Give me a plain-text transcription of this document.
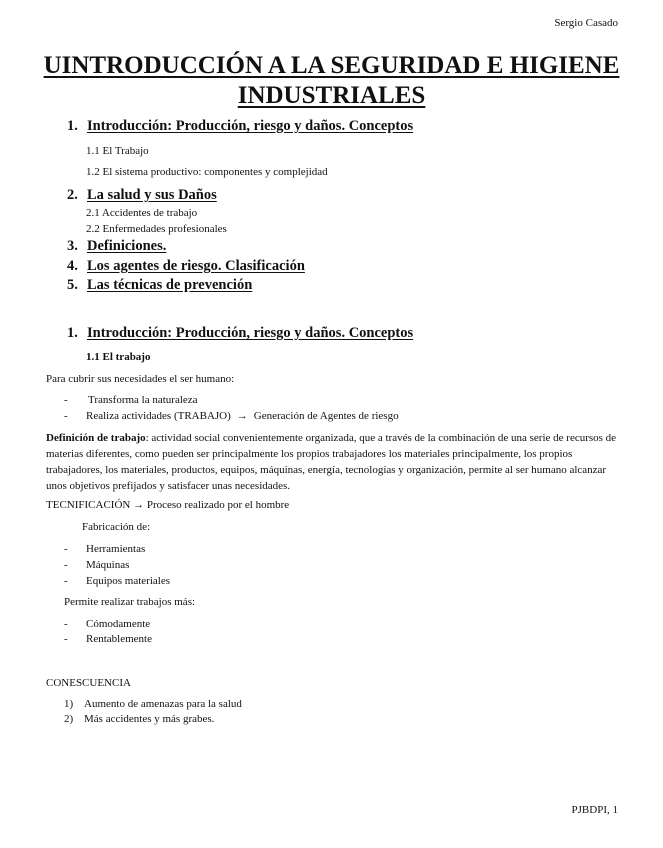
Sergio Casado
UINTRODUCCIÓN A LA SEGURIDAD E HIGIENE INDUSTRIALES
1. Introducción: Producción, riesgo y daños. Conceptos
1.1 El Trabajo
1.2 El sistema productivo: componentes y complejidad
2. La salud y sus Daños
2.1 Accidentes de trabajo
2.2 Enfermedades profesionales
3. Definiciones.
4. Los agentes de riesgo. Clasificación
5. Las técnicas de prevención
1. Introducción: Producción, riesgo y daños. Conceptos
1.1 El trabajo
Para cubrir sus necesidades el ser humano:
- Transforma la naturaleza
- Realiza actividades (TRABAJO) → Generación de Agentes de riesgo
Definición de trabajo: actividad social convenientemente organizada, que a través de la combinación de una serie de recursos de materias diferentes, como pueden ser principalmente los propios trabajadores los materiales principalmente, los propios trabajadores, los materiales, productos, equipos, máquinas, energía, tecnologías y organización, permite al ser humano alcanzar unos objetivos prefijados y satisfacer unas necesidades.
TECNIFICACIÓN → Proceso realizado por el hombre
Fabricación de:
- Herramientas
- Máquinas
- Equipos materiales
Permite realizar trabajos más:
- Cómodamente
- Rentablemente
CONESCUENCIA
1) Aumento de amenazas para la salud
2) Más accidentes y más grabes.
PJBDPI, 1
